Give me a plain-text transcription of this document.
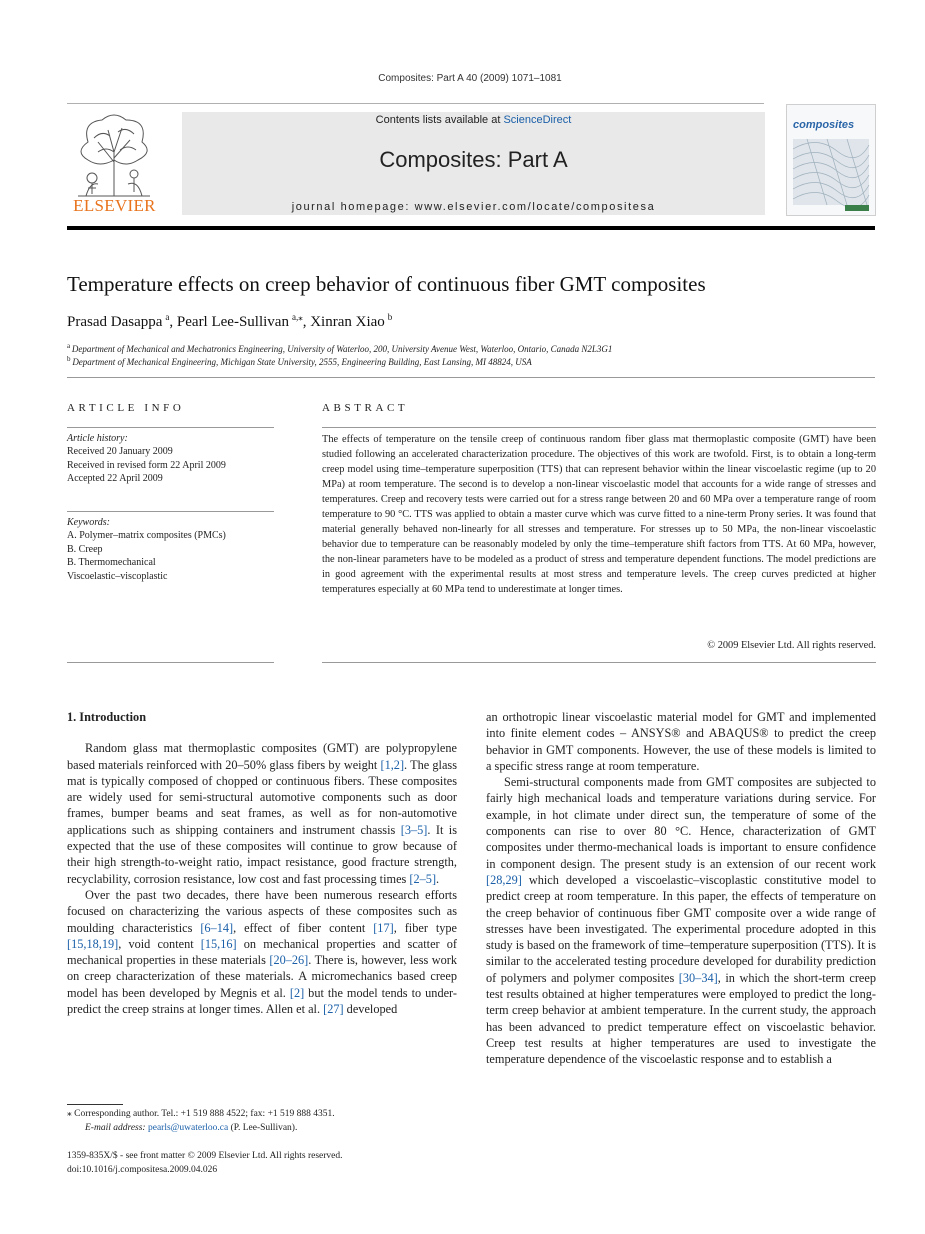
Composites: Part A 40 (2009) 1071–1081
ELSEVIER
Contents lists available at ScienceDirect
Composites: Part A
journal homepage: www.elsevier.com/locate/compositesa
composites
Temperature effects on creep behavior of continuous fiber GMT composites
Prasad Dasappa  $^a$, Pearl Lee-Sullivan  $^{a,⁎}$, Xinran Xiao  $^b$
$^a$  Department of Mechanical and Mechatronics Engineering, University of Waterloo, 200, University Avenue West, Waterloo, Ontario, Canada N2L3G1
$^b$  Department of Mechanical Engineering, Michigan State University, 2555, Engineering Building, East Lansing, MI 48824, USA
ARTICLE INFO
Article history:
Received 20 January 2009
Received in revised form 22 April 2009
Accepted 22 April 2009
Keywords:
A. Polymer–matrix composites (PMCs)
B. Creep
B. Thermomechanical
Viscoelastic–viscoplastic
ABSTRACT
The effects of temperature on the tensile creep of continuous random fiber glass mat thermoplastic composite (GMT) have been studied following an accelerated characterization procedure. The objectives of this work are twofold. First, is to obtain a long-term creep model using time–temperature superposition (TTS) that can represent behavior within the linear viscoelastic regime (up to 20 MPa) at room temperature. The second is to develop a non-linear viscoelastic model that accounts for a wide range of stresses and temperatures. Creep and recovery tests were carried out for a stress range between 20 and 60 MPa over a temperature range of room temperature to 90 °C. TTS was applied to obtain a master curve which was curve fitted to a nine-term Prony series. It was found that material generally behaved non-linearly for all stresses and temperature. For stresses up to 50 MPa, the non-linear viscoelastic behavior due to temperature can be reasonably modeled by only the time–temperature shift factors from TTS. At 60 MPa, however, the non-linear parameters have to be modeled as a product of stress and temperature dependent functions. The model predictions are in good agreement with the experimental results at most stress and temperature levels. The creep curves predicted at higher temperatures especially at 60 MPa tend to underestimate at longer times.
© 2009 Elsevier Ltd. All rights reserved.
1. Introduction

Random glass mat thermoplastic composites (GMT) are polypropylene based materials reinforced with 20–50% glass fibers by weight [1,2]. The glass mat is typically composed of chopped or continuous fibers. These composites are widely used for semi-structural automotive components such as door frames, bumper beams and seat frames, as well as for non-automotive applications such as shipping containers and instrument chassis [3–5]. It is expected that the use of these composites will continue to grow because of their high strength-to-weight ratio, impact resistance, good fracture strength, recyclability, corrosion resistance, low cost and fast processing times [2–5].

Over the past two decades, there have been numerous research efforts focused on characterizing the various aspects of these composites such as moulding characteristics [6–14], effect of fiber content [17], fiber type [15,18,19], void content [15,16] on mechanical properties and scatter of mechanical properties in these materials [20–26]. There is, however, less work on creep characterization of these materials. A micromechanics based creep model has been developed by Megnis et al. [2] but the model tends to under-predict the creep strains at longer times. Allen et al. [27] developed

an orthotropic linear viscoelastic material model for GMT and implemented into finite element codes – ANSYS® and ABAQUS® to predict the creep behavior in GMT components. However, the use of these models is limited to a specific stress range at room temperature.

Semi-structural components made from GMT composites are subjected to fairly high mechanical loads and temperature variations during service. For example, in hot climate under direct sun, the temperature of some of the components can rise to over 80 °C. Hence, characterization of GMT composites under thermo-mechanical loads is important to ensure confidence in component design. The present study is an extension of our recent work [28,29] which developed a viscoelastic–viscoplastic constitutive model to predict creep at room temperature. In this paper, the effects of temperature on the creep behavior of continuous fiber GMT composite over a wide range of stresses have been investigated. The experimental procedure adopted in this study is based on the framework of time–temperature superposition (TTS). It is similar to the accelerated testing procedure developed for durability prediction of polymers and polymer composites [30–34], in which the short-term creep test results obtained at higher temperatures were employed to predict the long-term creep behavior at ambient temperature. In the current study, the approach has been advanced to predict temperature effect on viscoelastic behavior. Creep test results at higher temperatures are used to investigate the temperature dependence of the viscoelastic response and to establish a

⁎ Corresponding author. Tel.: +1 519 888 4522; fax: +1 519 888 4351.
E-mail address: pearls@uwaterloo.ca (P. Lee-Sullivan).
1359-835X/$ - see front matter © 2009 Elsevier Ltd. All rights reserved.
doi:10.1016/j.compositesa.2009.04.026
